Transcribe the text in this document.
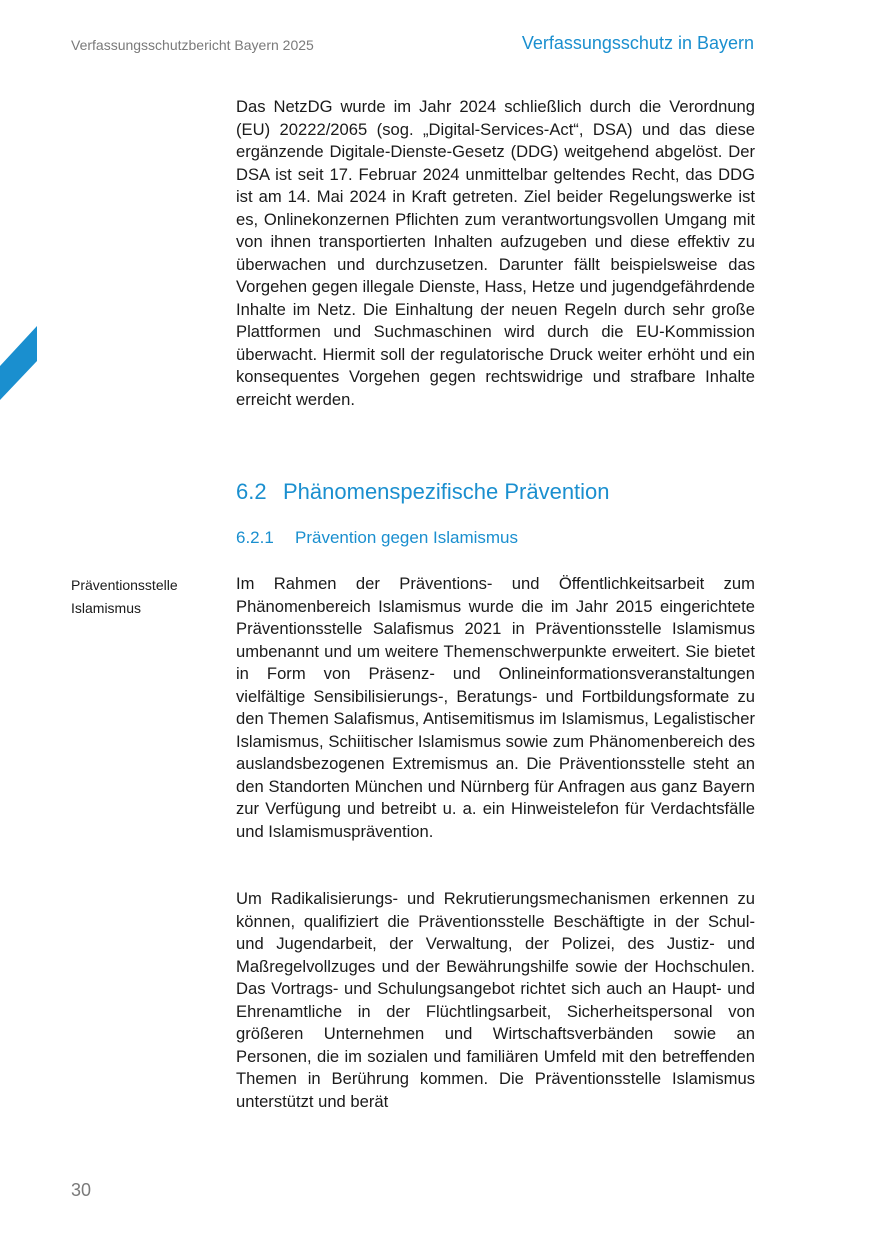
Verfassungsschutzbericht Bayern 2025	Verfassungsschutz in Bayern

Das NetzDG wurde im Jahr 2024 schließlich durch die Verordnung (EU) 20222/2065 (sog. „Digital-Services-Act“, DSA) und das diese ergänzende Digitale-Dienste-Gesetz (DDG) weitgehend abgelöst. Der DSA ist seit 17. Februar 2024 unmittelbar geltendes Recht, das DDG ist am 14. Mai 2024 in Kraft getreten. Ziel beider Regelungswerke ist es, Onlinekonzernen Pflichten zum verantwortungsvollen Umgang mit von ihnen transportierten Inhalten aufzugeben und diese effektiv zu überwachen und durchzusetzen. Darunter fällt beispielsweise das Vorgehen gegen illegale Dienste, Hass, Hetze und jugendgefährdende Inhalte im Netz. Die Einhaltung der neuen Regeln durch sehr große Plattformen und Suchmaschinen wird durch die EU-Kommission überwacht. Hiermit soll der regulatorische Druck weiter erhöht und ein konsequentes Vorgehen gegen rechtswidrige und strafbare Inhalte erreicht werden.

6.2 Phänomenspezifische Prävention
6.2.1 Prävention gegen Islamismus

Präventionsstelle
Islamismus

Im Rahmen der Präventions- und Öffentlichkeitsarbeit zum Phänomenbereich Islamismus wurde die im Jahr 2015 eingerichtete Präventionsstelle Salafismus 2021 in Präventionsstelle Islamismus umbenannt und um weitere Themenschwerpunkte erweitert. Sie bietet in Form von Präsenz- und Onlineinformationsveranstaltungen vielfältige Sensibilisierungs-, Beratungs- und Fortbildungsformate zu den Themen Salafismus, Antisemitismus im Islamismus, Legalistischer Islamismus, Schiitischer Islamismus sowie zum Phänomenbereich des auslandsbezogenen Extremismus an. Die Präventionsstelle steht an den Standorten München und Nürnberg für Anfragen aus ganz Bayern zur Verfügung und betreibt u. a. ein Hinweistelefon für Verdachtsfälle und Islamismusprävention.

Um Radikalisierungs- und Rekrutierungsmechanismen erkennen zu können, qualifiziert die Präventionsstelle Beschäftigte in der Schul- und Jugendarbeit, der Verwaltung, der Polizei, des Justiz- und Maßregelvollzuges und der Bewährungshilfe sowie der Hochschulen. Das Vortrags- und Schulungsangebot richtet sich auch an Haupt- und Ehrenamtliche in der Flüchtlingsarbeit, Sicherheitspersonal von größeren Unternehmen und Wirtschaftsverbänden sowie an Personen, die im sozialen und familiären Umfeld mit den betreffenden Themen in Berührung kommen. Die Präventionsstelle Islamismus unterstützt und berät

30
